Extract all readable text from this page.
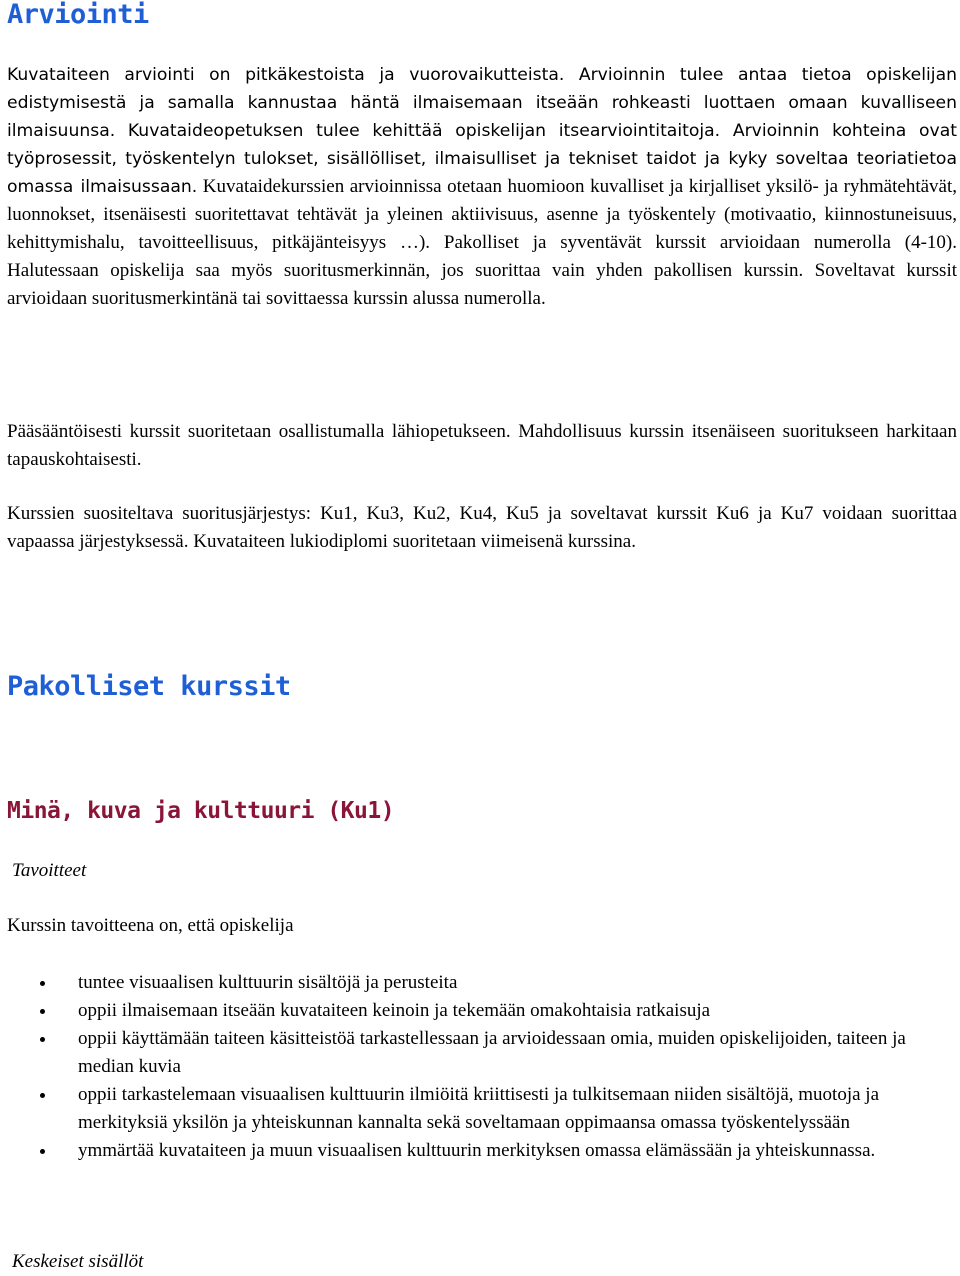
Arviointi

Kuvataiteen arviointi on pitkäkestoista ja vuorovaikutteista. Arvioinnin tulee antaa tietoa opiskelijan edistymisestä ja samalla kannustaa häntä ilmaisemaan itseään rohkeasti luottaen omaan kuvalliseen ilmaisuunsa. Kuvataideopetuksen tulee kehittää opiskelijan itsearviointitaitoja. Arvioinnin kohteina ovat työprosessit, työskentelyn tulokset, sisällölliset, ilmaisulliset ja tekniset taidot ja kyky soveltaa teoriatietoa omassa ilmaisussaan. Kuvataidekurssien arvioinnissa otetaan huomioon kuvalliset ja kirjalliset yksilö- ja ryhmätehtävät, luonnokset, itsenäisesti suoritettavat tehtävät ja yleinen aktiivisuus, asenne ja työskentely (motivaatio, kiinnostuneisuus, kehittymishalu, tavoitteellisuus, pitkäjänteisyys …). Pakolliset ja syventävät kurssit arvioidaan numerolla (4-10). Halutessaan opiskelija saa myös suoritusmerkinnän, jos suorittaa vain yhden pakollisen kurssin. Soveltavat kurssit arvioidaan suoritusmerkintänä tai sovittaessa kurssin alussa numerolla.

Pääsääntöisesti kurssit suoritetaan osallistumalla lähiopetukseen. Mahdollisuus kurssin itsenäiseen suoritukseen harkitaan tapauskohtaisesti.

Kurssien suositeltava suoritusjärjestys: Ku1, Ku3, Ku2, Ku4, Ku5 ja soveltavat kurssit Ku6 ja Ku7 voidaan suorittaa vapaassa järjestyksessä. Kuvataiteen lukiodiplomi suoritetaan viimeisenä kurssina.

Pakolliset kurssit
Minä, kuva ja kulttuuri (Ku1)

Tavoitteet

Kurssin tavoitteena on, että opiskelija

tuntee visuaalisen kulttuurin sisältöjä ja perusteita
oppii ilmaisemaan itseään kuvataiteen keinoin ja tekemään omakohtaisia ratkaisuja
oppii käyttämään taiteen käsitteistöä tarkastellessaan ja arvioidessaan omia, muiden opiskelijoiden, taiteen ja median kuvia
oppii tarkastelemaan visuaalisen kulttuurin ilmiöitä kriittisesti ja tulkitsemaan niiden sisältöjä, muotoja ja merkityksiä yksilön ja yhteiskunnan kannalta sekä soveltamaan oppimaansa omassa työskentelyssään
ymmärtää kuvataiteen ja muun visuaalisen kulttuurin merkityksen omassa elämässään ja yhteiskunnassa.

Keskeiset sisällöt
